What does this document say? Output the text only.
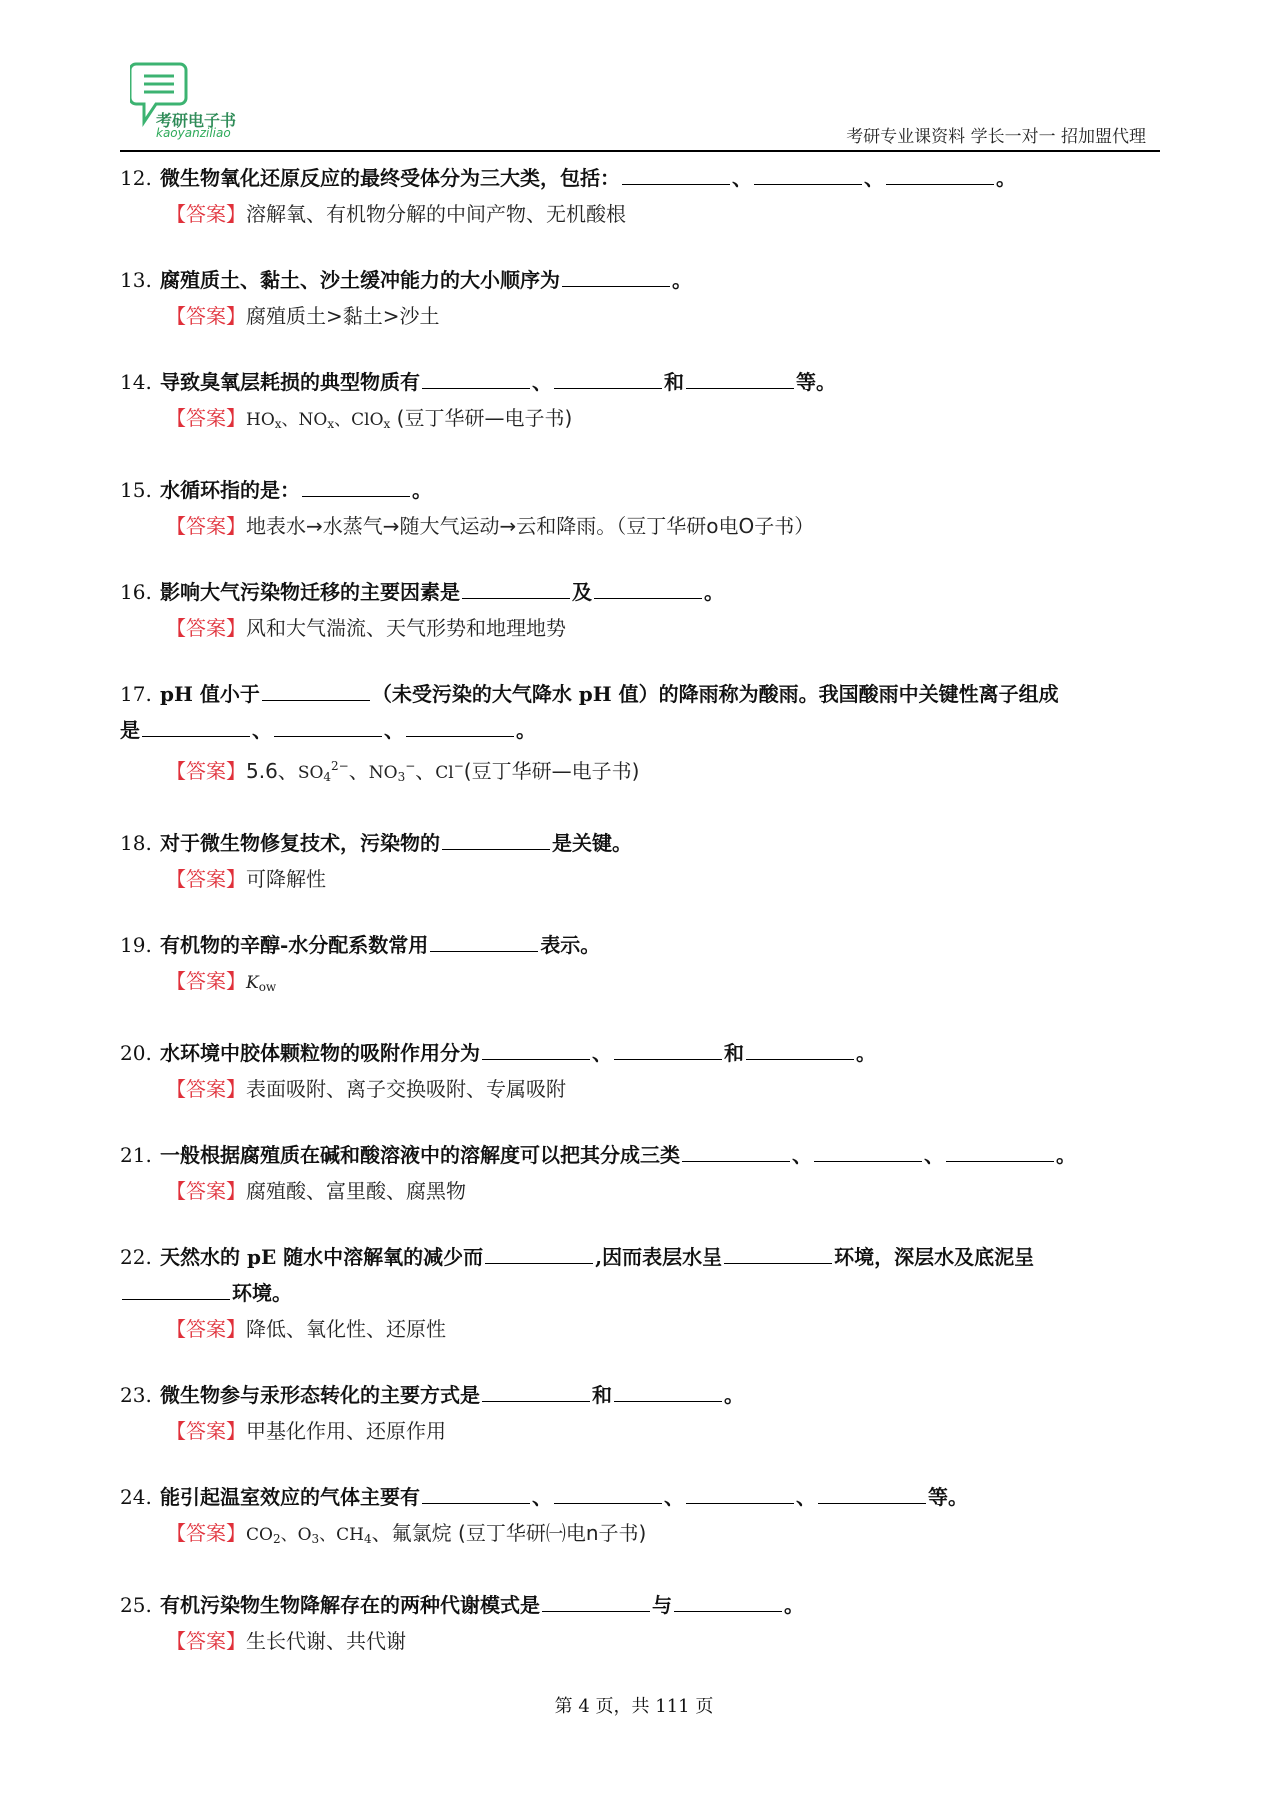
考研电子书
kaoyanziliao	考研专业课资料 学长一对一 招加盟代理
12. 微生物氧化还原反应的最终受体分为三大类，包括：	、	、	。
【答案】溶解氧、有机物分解的中间产物、无机酸根
13. 腐殖质土、黏土、沙土缓冲能力的大小顺序为	。
【答案】腐殖质土>黏土>沙土
14. 导致臭氧层耗损的典型物质有	、	和	等。
【答案】$HO_x$、$NO_x$、ClO$_x$ (豆丁华研—电子书)
15. 水循环指的是：	。
【答案】地表水→水蒸气→随大气运动→云和降雨。（豆丁华研o电O子书）
16. 影响大气污染物迁移的主要因素是	及	。
【答案】风和大气湍流、天气形势和地理地势
17. pH 值小于	（未受污染的大气降水 pH 值）的降雨称为酸雨。我国酸雨中关键性离子组成
是	、	、	。
【答案】5.6、$SO_4^{2-}$、$NO_3^-$、Cl−(豆丁华研—电子书)
18. 对于微生物修复技术，污染物的	是关键。
【答案】可降解性
19. 有机物的辛醇-水分配系数常用	表示。
【答案】$K_{ow}$
20. 水环境中胶体颗粒物的吸附作用分为	、	和	。
【答案】表面吸附、离子交换吸附、专属吸附
21. 一般根据腐殖质在碱和酸溶液中的溶解度可以把其分成三类	、	、	。
【答案】腐殖酸、富里酸、腐黑物
22. 天然水的 pE 随水中溶解氧的减少而	,因而表层水呈	环境，深层水及底泥呈
环境。
【答案】降低、氧化性、还原性
23. 微生物参与汞形态转化的主要方式是	和	。
【答案】甲基化作用、还原作用
24. 能引起温室效应的气体主要有	、	、	、	等。
【答案】$CO_2$、$O_3$、$CH_4$、氟氯烷 (豆丁华研㈠电n子书)
25. 有机污染物生物降解存在的两种代谢模式是	与	。
【答案】生长代谢、共代谢
第 4 页，共 111 页
